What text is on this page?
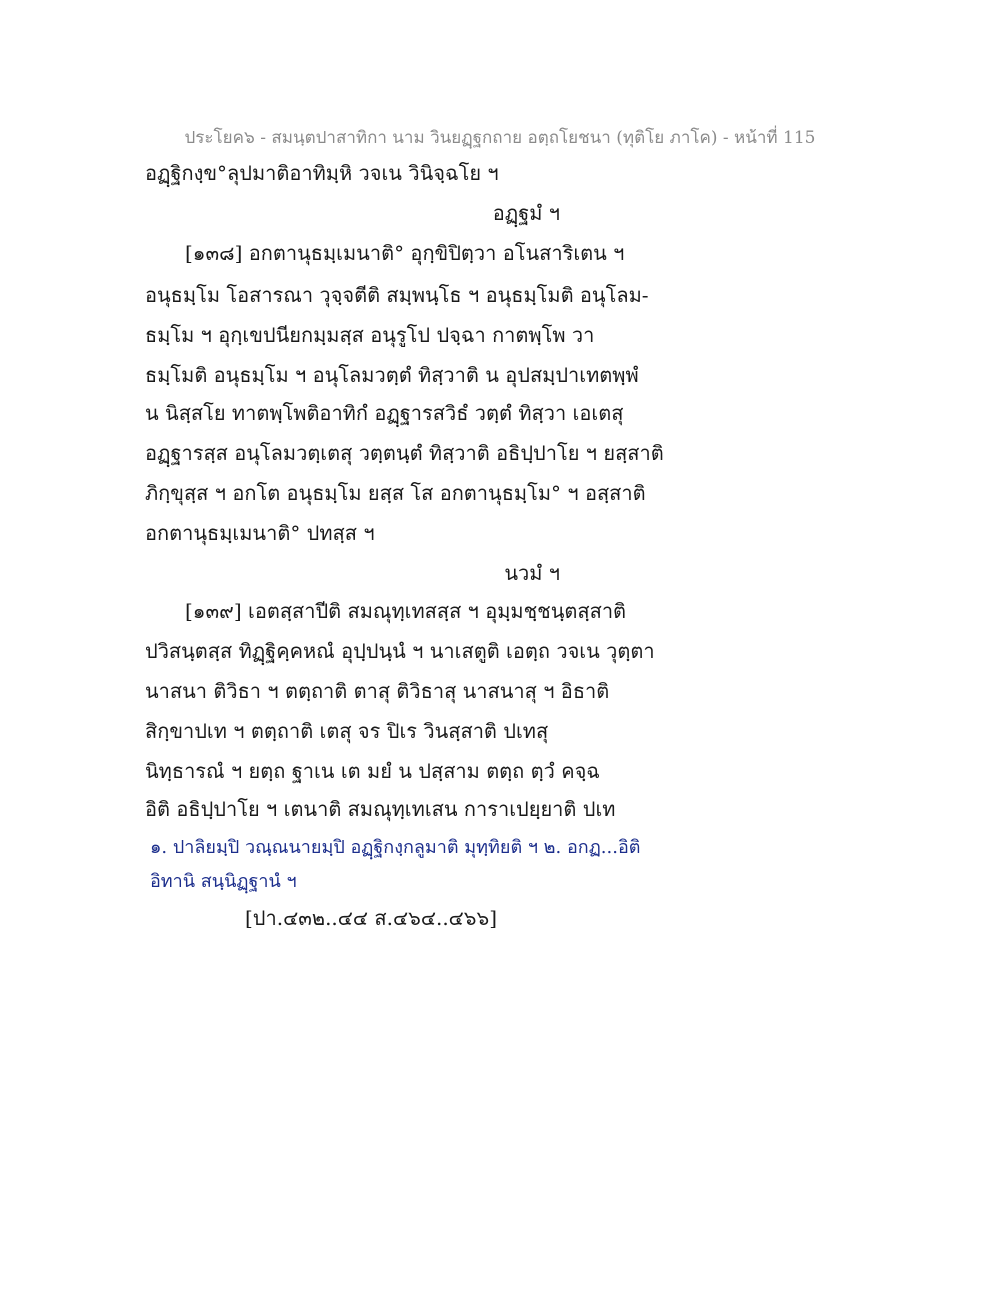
ประโยค๖ - สมนฺตปาสาทิกา นาม วินยฏฺฐกถาย อตฺถโยชนา (ทุติโย ภาโค) - หน้าที่ 115
อฏฺฐิกงฺข°ลุปมาติอาทิมฺหิ วจเน วินิจฺฉโย ฯ
อฏฺฐมํ ฯ
[๑๓๘] อกตานุธมฺเมนาติ° อุกฺขิปิตฺวา อโนสาริเตน ฯ
อนุธมฺโม โอสารณา วุจฺจตีติ สมฺพนฺโธ ฯ อนุธมฺโมติ อนุโลม-
ธมฺโม ฯ อุกฺเขปนียกมฺมสฺส อนุรูโป ปจฺฉา กาตพฺโพ วา
ธมฺโมติ อนุธมฺโม ฯ อนุโลมวตฺตํ ทิสฺวาติ น อุปสมฺปาเทตพฺพํ
น นิสฺสโย ทาตพฺโพติอาทิกํ อฏฺฐารสวิธํ วตฺตํ ทิสฺวา เอเตสุ
อฏฺฐารสฺส อนุโลมวตฺเตสุ วตฺตนฺตํ ทิสฺวาติ อธิปฺปาโย ฯ ยสฺสาติ
ภิกฺขุสฺส ฯ อกโต อนุธมฺโม ยสฺส โส อกตานุธมฺโม° ฯ อสฺสาติ
อกตานุธมฺเมนาติ° ปทสฺส ฯ
นวมํ ฯ
[๑๓๙] เอตสฺสาปีติ สมณุทฺเทสสฺส ฯ อุมฺมชฺชนฺตสฺสาติ
ปวิสนฺตสฺส ทิฏฺฐิคฺคหณํ อุปฺปนฺนํ ฯ นาเสตูติ เอตฺถ วจเน วุตฺตา
นาสนา ติวิธา ฯ ตตฺถาติ ตาสุ ติวิธาสุ นาสนาสุ ฯ อิธาติ
สิกฺขาปเท ฯ ตตฺถาติ เตสุ จร ปิเร วินสฺสาติ ปเทสุ
นิทฺธารณํ ฯ ยตฺถ ฐาเน เต มยํ น ปสฺสาม ตตฺถ ตฺวํ คจฺฉ
อิติ อธิปฺปาโย ฯ เตนาติ สมณุทฺเทเสน การาเปยฺยาติ ปเท
๑. ปาลิยมฺปิ วณฺณนายมฺปิ อฏฺฐิกงฺกลูมาติ มุทฺทิยติ ฯ ๒. อกฏ...อิติ
อิทานิ สนฺนิฏฺฐานํ ฯ
[ปา.๔๓๒..๔๔ ส.๔๖๔..๔๖๖]
